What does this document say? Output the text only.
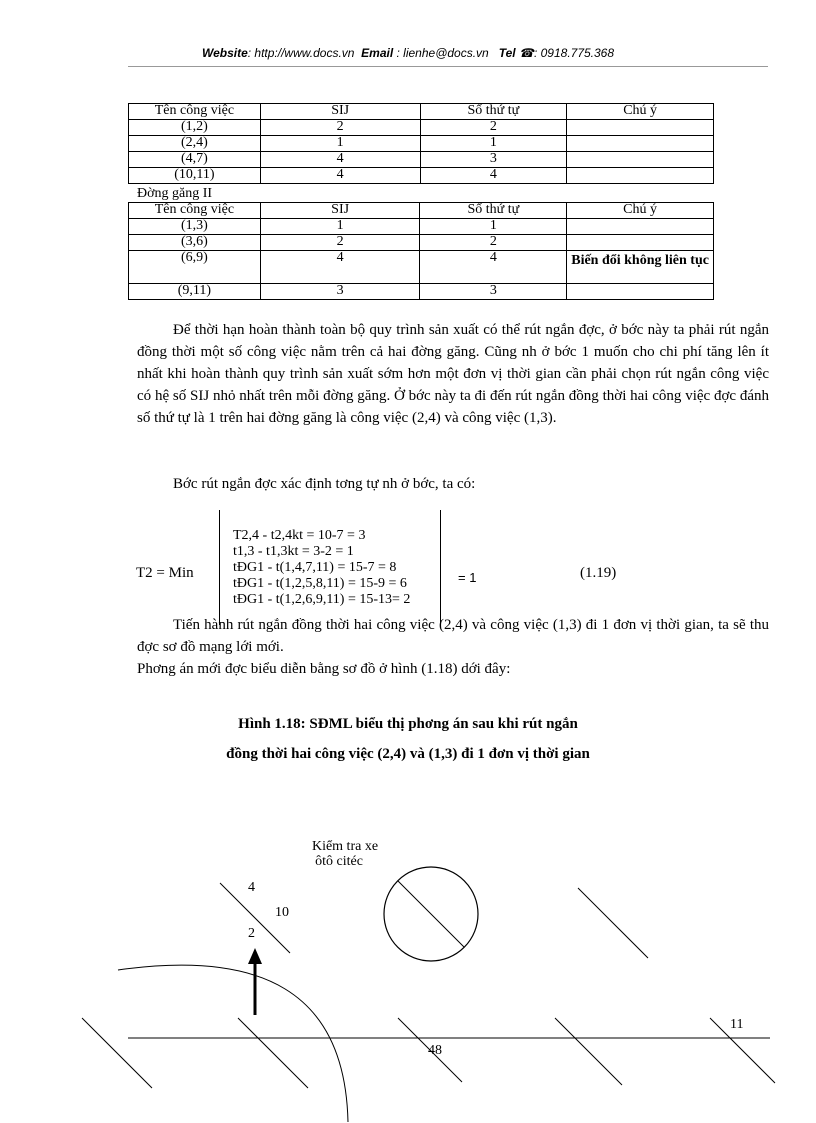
Website: http://www.docs.vn Email : lienhe@docs.vn Tel ☎: 0918.775.368
Tên công việc	SIJ	Số thứ tự	Chú ý
(1,2)	2	2	
(2,4)	1	1	
(4,7)	4	3	
(10,11)	4	4	
Đờng găng II
Tên công việc	SIJ	Số thứ tự	Chú ý
(1,3)	1	1	
(3,6)	2	2	
(6,9)	4	4	Biến đổi không liên tục
(9,11)	3	3	

Để thời hạn hoàn thành toàn bộ quy trình sản xuất có thể rút ngắn đợc, ở bớc này ta phải rút ngắn đồng thời một số công việc nằm trên cả hai đờng găng. Cũng nh ở bớc 1 muốn cho chi phí tăng lên ít nhất khi hoàn thành quy trình sản xuất sớm hơn một đơn vị thời gian cần phải chọn rút ngắn công việc có hệ số SIJ nhỏ nhất trên mỗi đờng găng. Ở bớc này ta đi đến rút ngắn đồng thời hai công việc đợc đánh số thứ tự là 1 trên hai đờng găng là công việc (2,4) và công việc (1,3).

Bớc rút ngắn đợc xác định tơng tự nh ở bớc, ta có:

T2 = Min
T2,4 - t2,4kt = 10-7 = 3
t1,3 - t1,3kt = 3-2 = 1
tĐG1 - t(1,4,7,11) = 15-7 = 8
tĐG1 - t(1,2,5,8,11) = 15-9 = 6
tĐG1 - t(1,2,6,9,11) = 15-13= 2
= 1	(1.19)

Tiến hành rút ngắn đồng thời hai công việc (2,4) và công việc (1,3) đi 1 đơn vị thời gian, ta sẽ thu đợc sơ đồ mạng lới mới.

Phơng án mới đợc biểu diễn bằng sơ đồ ở hình (1.18) dới đây:

Hình 1.18: SĐML biểu thị phơng án sau khi rút ngắn
đồng thời hai công việc (2,4) và (1,3) đi 1 đơn vị thời gian
Kiểm tra xe
ôtô citéc
4
10
2
11
48
